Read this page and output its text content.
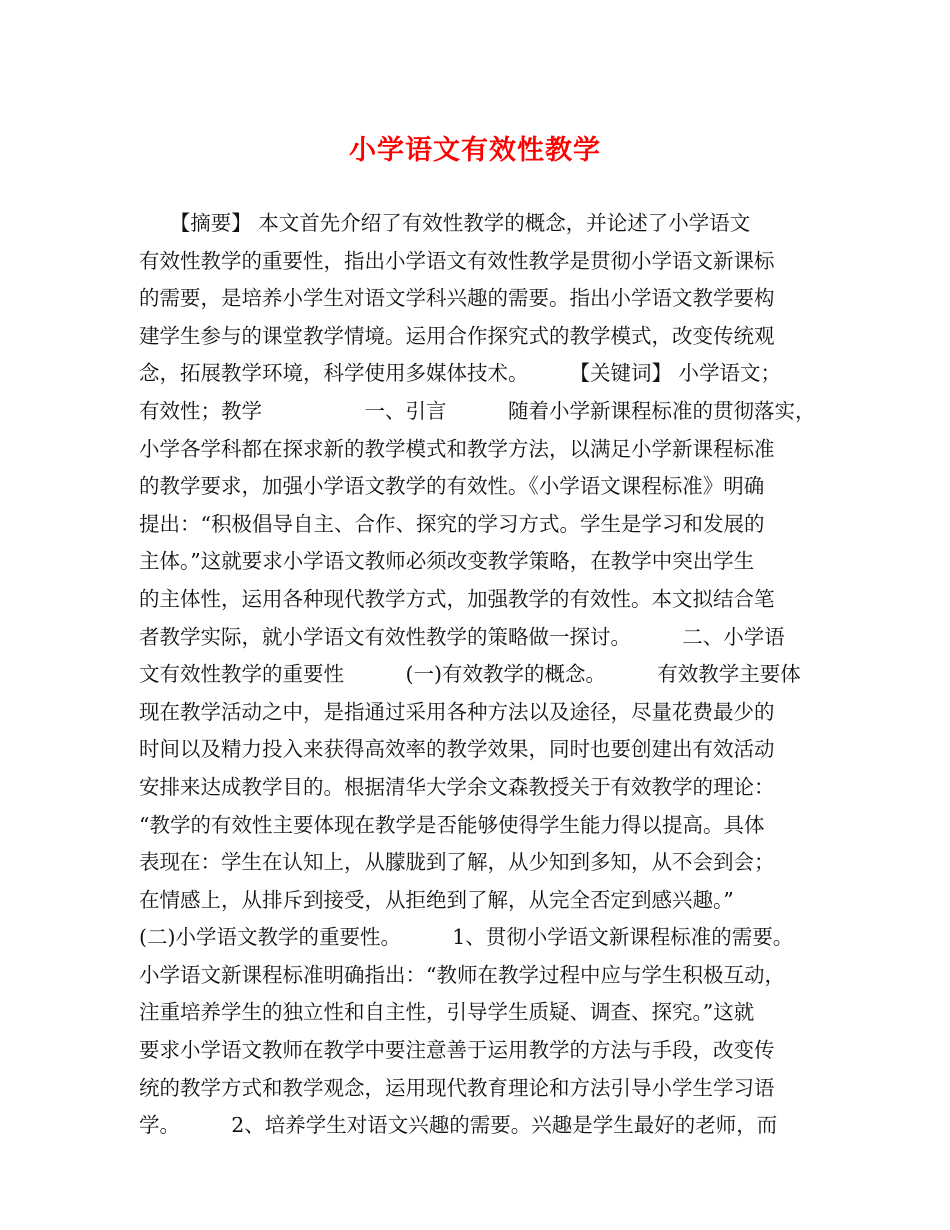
小学语文有效性教学
　　【摘要】 本文首先介绍了有效性教学的概念，并论述了小学语文
有效性教学的重要性，指出小学语文有效性教学是贯彻小学语文新课标
的需要，是培养小学生对语文学科兴趣的需要。指出小学语文教学要构
建学生参与的课堂教学情境。运用合作探究式的教学模式，改变传统观
念，拓展教学环境，科学使用多媒体技术。　　　【关键词】 小学语文；
有效性；教学　　　　　一、引言　　　随着小学新课程标准的贯彻落实，
小学各学科都在探求新的教学模式和教学方法，以满足小学新课程标准
的教学要求，加强小学语文教学的有效性。《小学语文课程标准》明确
提出：“积极倡导自主、合作、探究的学习方式。学生是学习和发展的
主体。”这就要求小学语文教师必须改变教学策略，在教学中突出学生
的主体性，运用各种现代教学方式，加强教学的有效性。本文拟结合笔
者教学实际，就小学语文有效性教学的策略做一探讨。　　　二、小学语
文有效性教学的重要性　　　(一)有效教学的概念。　　　有效教学主要体
现在教学活动之中，是指通过采用各种方法以及途径，尽量花费最少的
时间以及精力投入来获得高效率的教学效果，同时也要创建出有效活动
安排来达成教学目的。根据清华大学余文森教授关于有效教学的理论：
“教学的有效性主要体现在教学是否能够使得学生能力得以提高。具体
表现在：学生在认知上，从朦胧到了解，从少知到多知，从不会到会；
在情感上，从排斥到接受，从拒绝到了解，从完全否定到感兴趣。”
(二)小学语文教学的重要性。　　　1、贯彻小学语文新课程标准的需要。
小学语文新课程标准明确指出：“教师在教学过程中应与学生积极互动，
注重培养学生的独立性和自主性，引导学生质疑、调查、探究。”这就
要求小学语文教师在教学中要注意善于运用教学的方法与手段，改变传
统的教学方式和教学观念，运用现代教育理论和方法引导小学生学习语
学。　　　2、培养学生对语文兴趣的需要。兴趣是学生最好的老师，而
